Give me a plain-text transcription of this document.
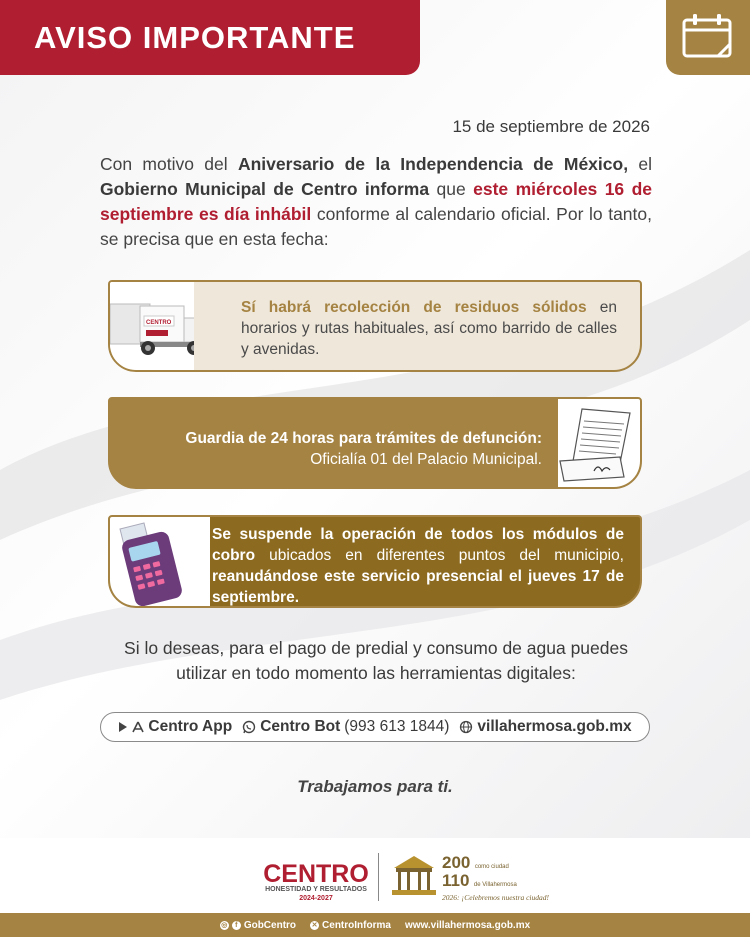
AVISO IMPORTANTE
15 de septiembre de 2026
Con motivo del Aniversario de la Independencia de México, el Gobierno Municipal de Centro informa que este miércoles 16 de septiembre es día inhábil conforme al calendario oficial. Por lo tanto, se precisa que en esta fecha:
CENTRO
Sí habrá recolección de residuos sólidos en horarios y rutas habituales, así como barrido de calles y avenidas.
Guardia de 24 horas para trámites de defunción:
Oficialía 01 del Palacio Municipal.
Se suspende la operación de todos los módulos de cobro ubicados en diferentes puntos del municipio, reanudándose este servicio presencial el jueves 17 de septiembre.
Si lo deseas, para el pago de predial y consumo de agua puedes utilizar en todo momento las herramientas digitales:
Centro App Centro Bot (993 613 1844) villahermosa.gob.mx
Trabajamos para ti.
CENTRO
HONESTIDAD Y RESULTADOS
2024-2027
200 como ciudad
110 de Villahermosa
2026: ¡Celebremos nuestra ciudad!
◎	f GobCentro ✕ CentroInforma www.villahermosa.gob.mx
